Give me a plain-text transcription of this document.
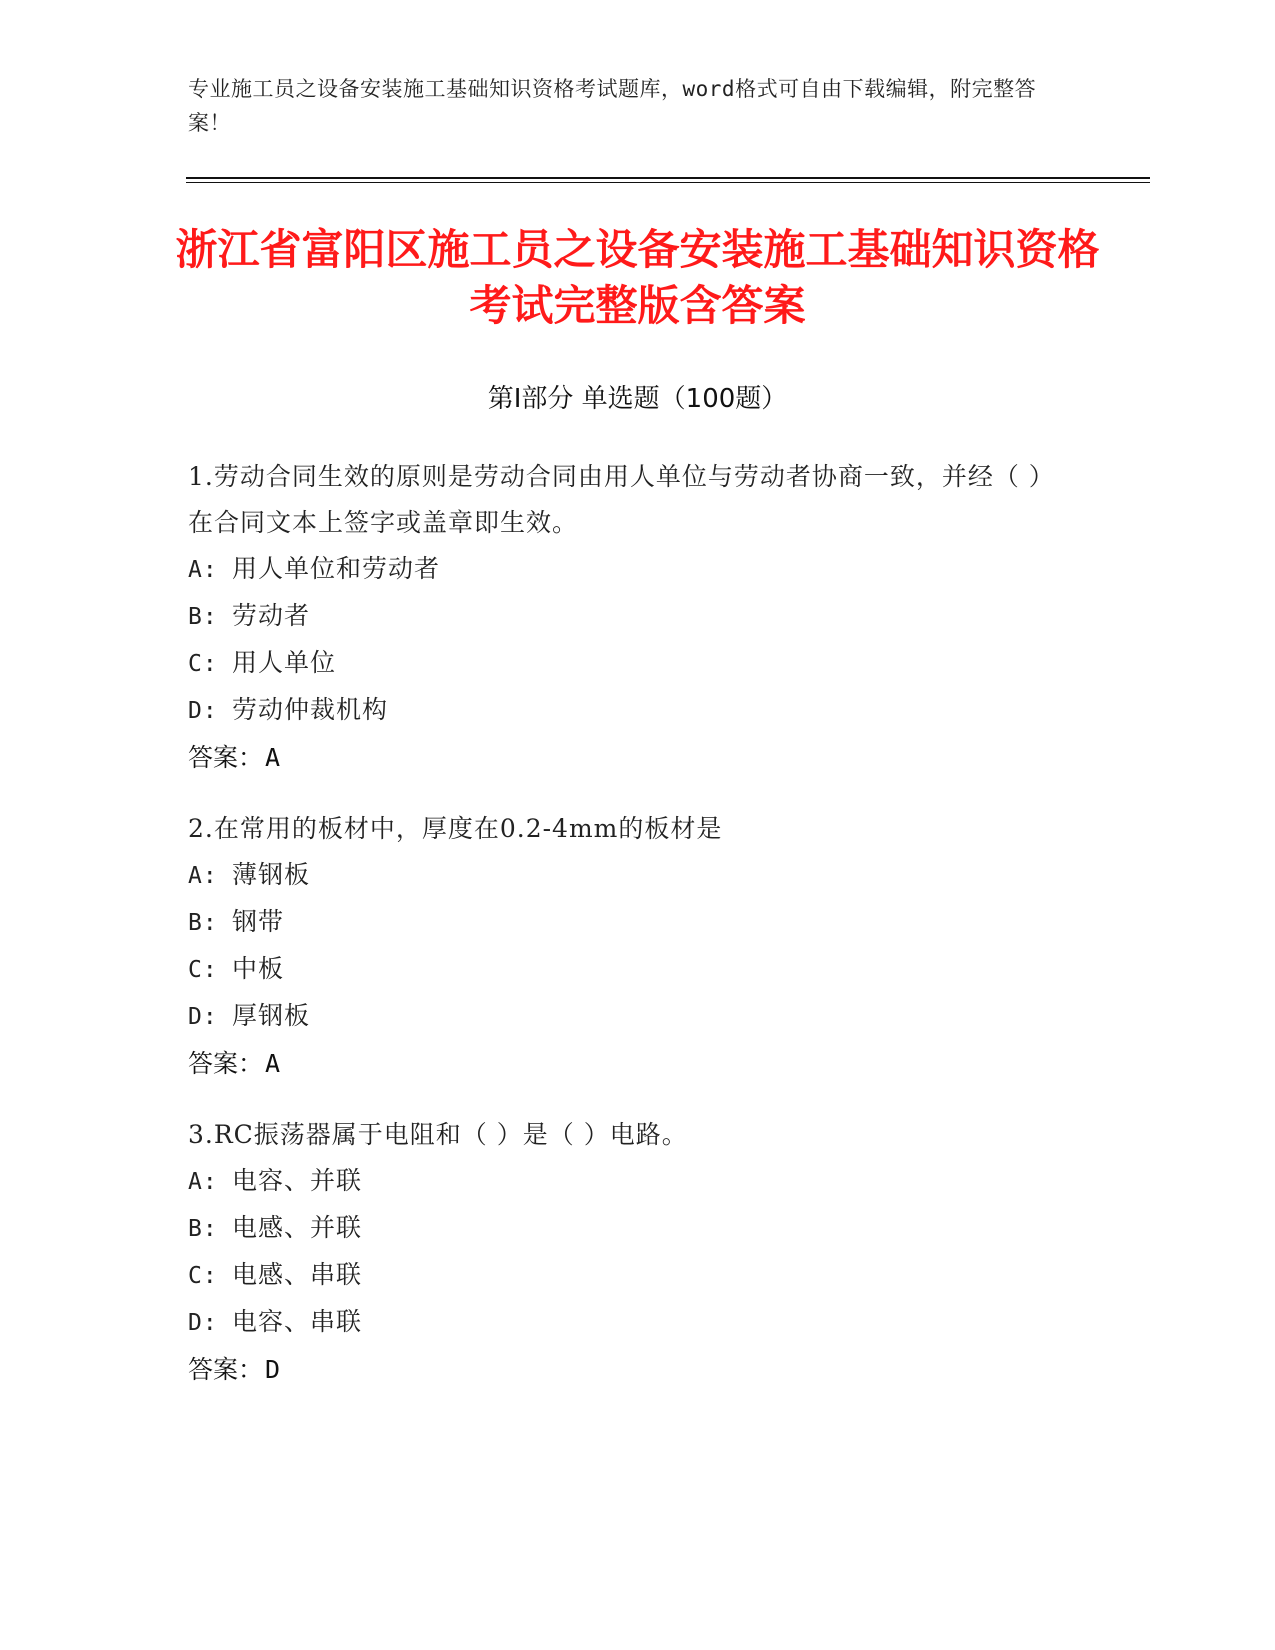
专业施工员之设备安装施工基础知识资格考试题库，word格式可自由下载编辑，附完整答案！
浙江省富阳区施工员之设备安装施工基础知识资格考试完整版含答案
第Ⅰ部分 单选题（100题）
1.劳动合同生效的原则是劳动合同由用人单位与劳动者协商一致，并经（ ）在合同文本上签字或盖章即生效。
A: 用人单位和劳动者
B: 劳动者
C: 用人单位
D: 劳动仲裁机构
答案：A
2.在常用的板材中，厚度在0.2-4mm的板材是
A: 薄钢板
B: 钢带
C: 中板
D: 厚钢板
答案：A
3.RC振荡器属于电阻和（ ）是（ ）电路。
A: 电容、并联
B: 电感、并联
C: 电感、串联
D: 电容、串联
答案：D
